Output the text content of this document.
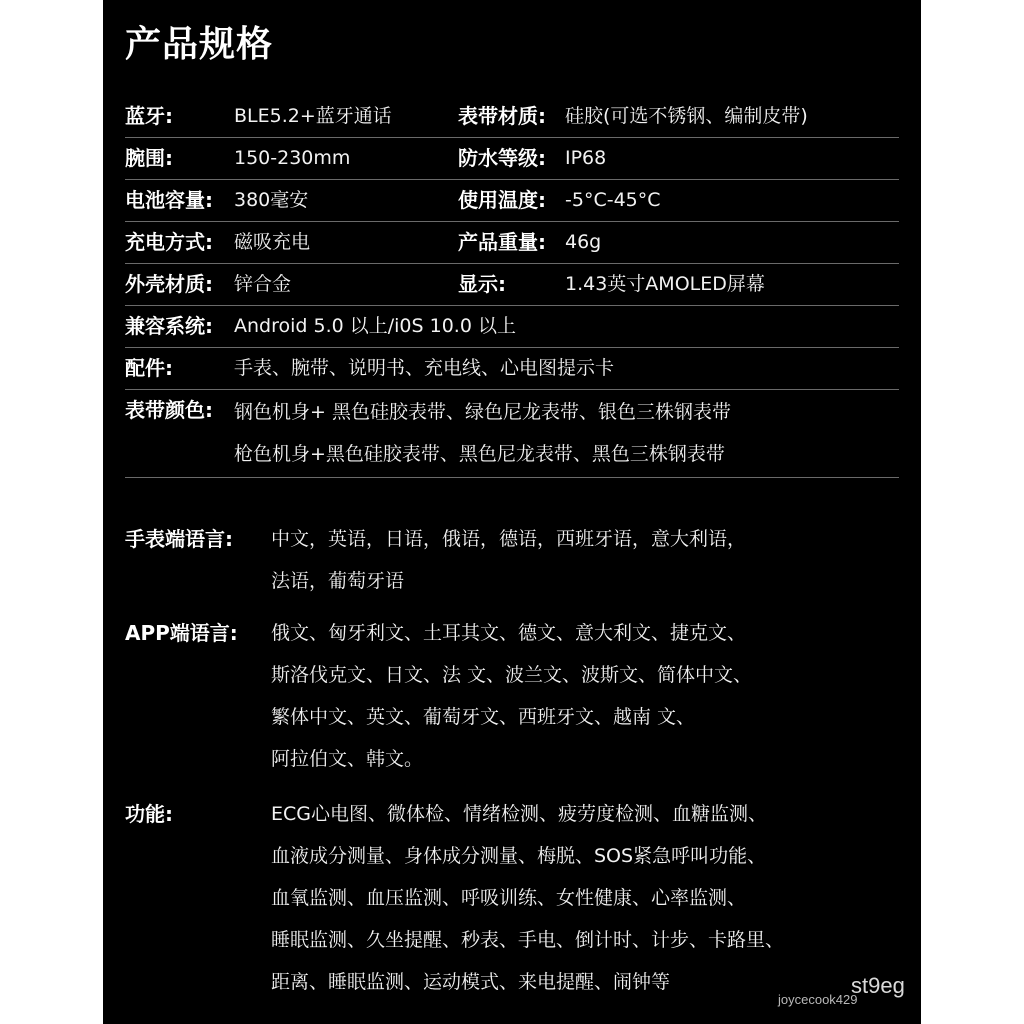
产品规格
蓝牙:	BLE5.2+蓝牙通话	表带材质: 硅胶(可选不锈钢、编制皮带)
腕围:	150-230mm	防水等级: IP68
电池容量: 380毫安	使用温度: -5°C-45°C
充电方式: 磁吸充电	产品重量: 46g
外壳材质: 锌合金	显示:	1.43英寸AMOLED屏幕
兼容系统: Android 5.0 以上/i0S 10.0 以上
配件:	手表、腕带、说明书、充电线、心电图提示卡
表带颜色: 钢色机身+ 黑色硅胶表带、绿色尼龙表带、银色三株钢表带
枪色机身+黑色硅胶表带、黑色尼龙表带、黑色三株钢表带
手表端语言: 中文，英语，日语，俄语，德语，西班牙语，意大利语，
法语，葡萄牙语
APP端语言: 俄文、匈牙利文、土耳其文、德文、意大利文、捷克文、
斯洛伐克文、日文、法 文、波兰文、波斯文、简体中文、
繁体中文、英文、葡萄牙文、西班牙文、越南 文、
阿拉伯文、韩文。
功能:	ECG心电图、微体检、情绪检测、疲劳度检测、血糖监测、
血液成分测量、身体成分测量、梅脱、SOS紧急呼叫功能、
血氧监测、血压监测、呼吸训练、女性健康、心率监测、
睡眠监测、久坐提醒、秒表、手电、倒计时、计步、卡路里、
距离、睡眠监测、运动模式、来电提醒、闹钟等	st9eg
joycecook429
